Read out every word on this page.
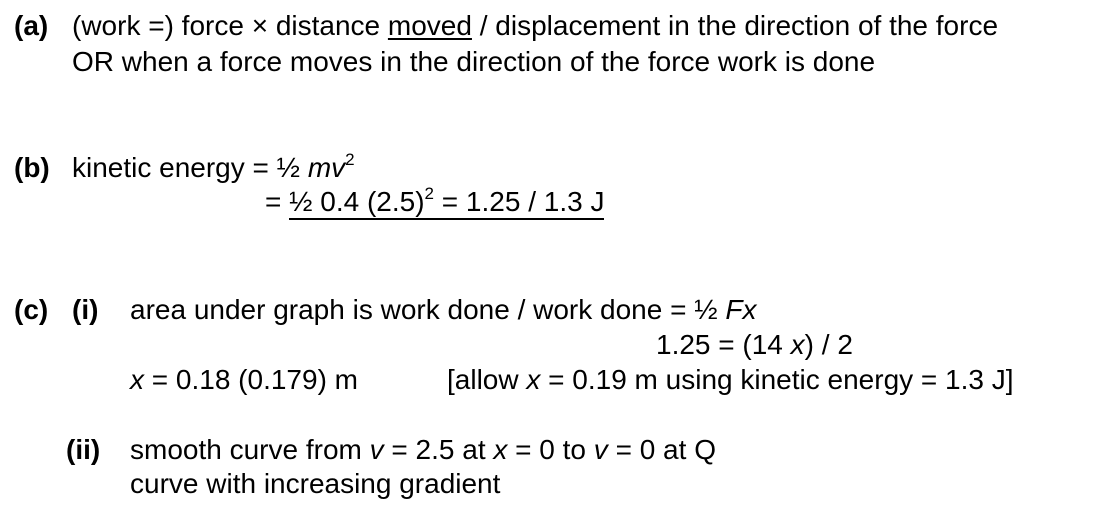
(a) (work =) force × distance moved / displacement in the direction of the force
OR when a force moves in the direction of the force work is done
(b) kinetic energy = ½ $mv^2$
= ½ 0.4 $(2.5)^2 = 1.25 / 1.3$ J
(c) (i) area under graph is work done / work done = ½ Fx
1.25 = (14 x) / 2
x = 0.18 (0.179) m	[allow x = 0.19 m using kinetic energy = 1.3 J]
(ii) smooth curve from v = 2.5 at x = 0 to v = 0 at Q
curve with increasing gradient
